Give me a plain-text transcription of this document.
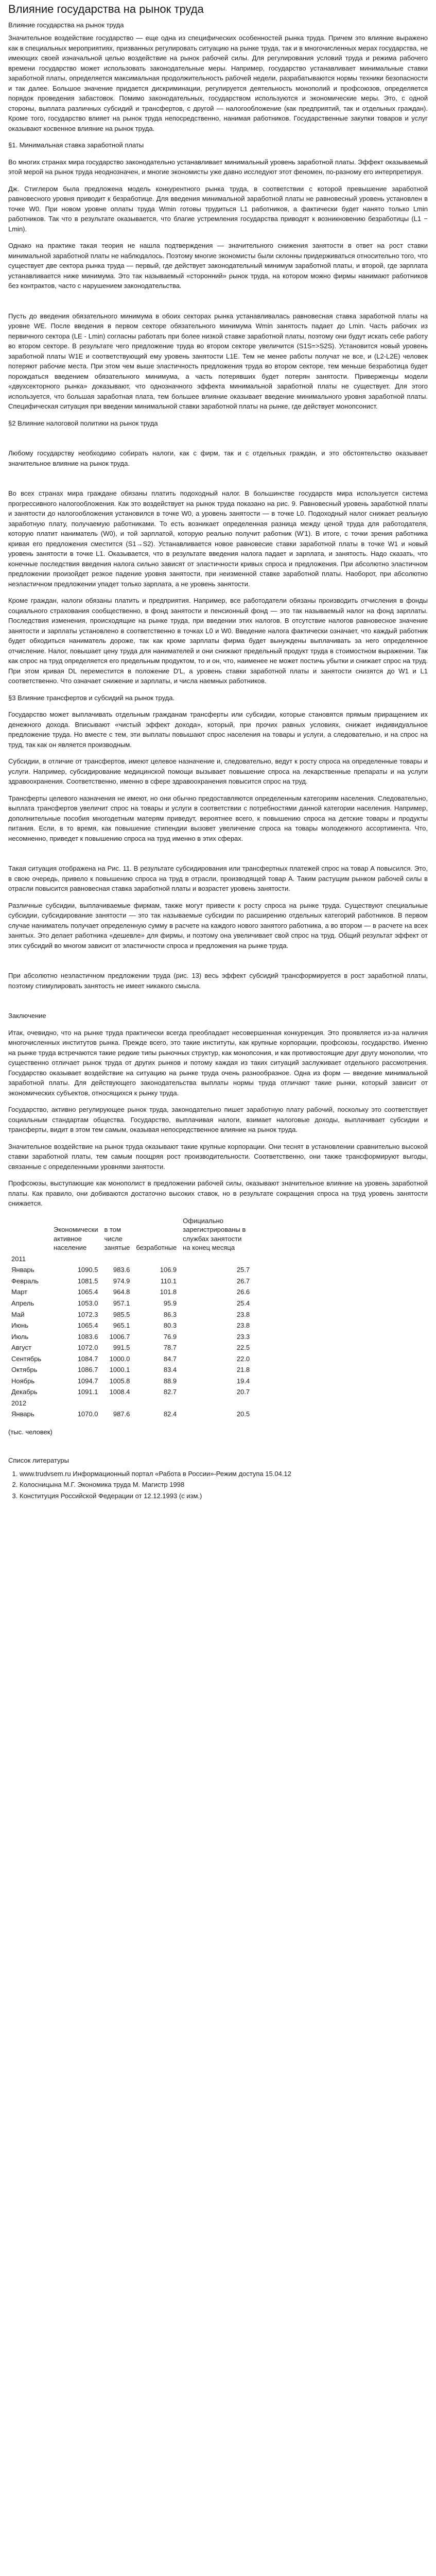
Влияние государства на рынок труда
Влияние государства на рынок труда

Значительное воздействие государство — еще одна из специфических особенностей рынка труда. Причем это влияние выражено как в специальных мероприятиях, призванных регулировать ситуацию на рынке труда, так и в многочисленных мерах государства, не имеющих своей изначальной целью воздействие на рынок рабочей силы. Для регулирования условий труда и режима рабочего времени государство может использовать законодательные меры. Например, государство устанавливает минимальные ставки заработной платы, определяется максимальная продолжительность рабочей недели, разрабатываются нормы техники безопасности и так далее. Большое значение придается дискриминации, регулируется деятельность монополий и профсоюзов, определяется порядок проведения забастовок. Помимо законодательных, государством используются и экономические меры. Это, с одной стороны, выплата различных субсидий и трансфертов, с другой — налогообложение (как предприятий, так и отдельных граждан). Кроме того, государство влияет на рынок труда непосредственно, нанимая работников. Государственные закупки товаров и услуг оказывают косвенное влияние на рынок труда.

§1. Минимальная ставка заработной платы

Во многих странах мира государство законодательно устанавливает минимальный уровень заработной платы. Эффект оказываемый этой мерой на рынок труда неоднозначен, и многие экономисты уже давно исследуют этот феномен, по-разному его интерпретируя.

Дж. Стиглером была предложена модель конкурентного рынка труда, в соответствии с которой превышение заработной равновесного уровня приводит к безработице. Для введения минимальной заработной платы не равновесный уровень установлен в точке W0. При новом уровне оплаты труда Wmin готовы трудиться L1 работников, а фактически будет нанято только Lmin работников. Так что в результате оказывается, что благие устремления государства приводят к возникновению безработицы (L1 − Lmin).

Однако на практике такая теория не нашла подтверждения — значительного снижения занятости в ответ на рост ставки минимальной заработной платы не наблюдалось. Поэтому многие экономисты были склонны придерживаться относительно того, что существует две сектора рынка труда — первый, где действует законодательный минимум заработной платы, и второй, где зарплата устанавливается ниже минимума. Это так называемый «сторонний» рынок труда, на котором можно фирмы нанимают работников без контрактов, часто с нарушением законодательства.

Пусть до введения обязательного минимума в обоих секторах рынка устанавливалась равновесная ставка заработной платы на уровне WE. После введения в первом секторе обязательного минимума Wmin занятость падает до Lmin. Часть рабочих из первичного сектора (LE - Lmin) согласны работать при более низкой ставке заработной платы, поэтому они будут искать себе работу во втором секторе. В результате чего предложение труда во втором секторе увеличится (S1S=>S2S). Установится новый уровень заработной платы W1E и соответствующий ему уровень занятости L1E. Тем не менее работы получат не все, и (L2-L2E) человек потеряют рабочие места. При этом чем выше эластичность предложения труда во втором секторе, тем меньше безработица будет порождаться введением обязательного минимума, а часть потерявших будет потерян занятости. Приверженцы модели «двухсекторного рынка» доказывают, что однозначного эффекта минимальной заработной платы не существует. Для этого используется, что большая заработная плата, тем большее влияние оказывает введение минимального уровня заработной платы. Специфическая ситуация при введении минимальной ставки заработной платы на рынке, где действует монопсонист.

§2 Влияние налоговой политики на рынок труда

Любому государству необходимо собирать налоги, как с фирм, так и с отдельных граждан, и это обстоятельство оказывает значительное влияние на рынок труда.

Во всех странах мира граждане обязаны платить подоходный налог. В большинстве государств мира используется система прогрессивного налогообложения. Как это воздействует на рынок труда показано на рис. 9. Равновесный уровень заработной платы и занятости до налогообложения установился в точке W0, а уровень занятости — в точке L0. Подоходный налог снижает реальную заработную плату, получаемую работниками. То есть возникает определенная разница между ценой труда для работодателя, которую платит наниматель (W0), и той зарплатой, которую реально получит работник (W'1). В итоге, с точки зрения работника кривая его предложения сместится (S1→S2). Устанавливается новое равновесие ставки заработной платы в точке W1 и новый уровень занятости в точке L1. Оказывается, что в результате введения налога падает и зарплата, и занятость. Надо сказать, что конечные последствия введения налога сильно зависят от эластичности кривых спроса и предложения. При абсолютно эластичном предложении произойдет резкое падение уровня занятости, при неизменной ставке заработной платы. Наоборот, при абсолютно неэластичном предложении упадет только зарплата, а не уровень занятости.

Кроме граждан, налоги обязаны платить и предприятия. Например, все работодатели обязаны производить отчисления в фонды социального страхования сообщественно, в фонд занятости и пенсионный фонд — это так называемый налог на фонд зарплаты. Последствия изменения, происходящие на рынке труда, при введении этих налогов. В отсутствие налогов равновесное значение занятости и зарплаты установлено в соответственно в точках L0 и W0. Введение налога фактически означает, что каждый работник будет обходиться наниматель дороже, так как кроме зарплаты фирма будет вынуждены выплачивать за него определенное отчисление. Налог, повышает цену труда для нанимателей и они снижают предельный продукт труда в стоимостном выражении. Так как спрос на труд определяется его предельным продуктом, то и он, что, наименее не может постичь убытки и снижает спрос на труд. При этом кривая DL переместится в положение D'L, а уровень ставки заработной платы и занятости снизятся до W1 и L1 соответственно. Что означает снижение и зарплаты, и числа наемных работников.

§3 Влияние трансфертов и субсидий на рынок труда.

Государство может выплачивать отдельным гражданам трансферты или субсидии, которые становятся прямым приращением их денежного дохода. Вписывают «чистый эффект дохода», который, при прочих равных условиях, снижает индивидуальное предложение труда. Но вместе с тем, эти выплаты повышают спрос населения на товары и услуги, а следовательно, и на спрос на труд, так как он является производным.

Субсидии, в отличие от трансфертов, имеют целевое назначение и, следовательно, ведут к росту спроса на определенные товары и услуги. Например, субсидирование медицинской помощи вызывает повышение спроса на лекарственные препараты и на услуги здравоохранения. Соответственно, именно в сфере здравоохранения повысится спрос на труд.

Трансферты целевого назначения не имеют, но они обычно предоставляются определенным категориям населения. Следовательно, выплата трансфертов увеличит спрос на товары и услуги в соответствии с потребностями данной категории населения. Например, дополнительные пособия многодетным матерям приведут, вероятнее всего, к повышению спроса на детские товары и продукты питания. Если, в то время, как повышение стипендии вызовет увеличение спроса на товары молодежного ассортимента. Что, несомненно, приведет к повышению спроса на труд именно в этих сферах.

Такая ситуация отображена на Рис. 11. В результате субсидирования или трансфертных платежей спрос на товар А повысился. Это, в свою очередь, привело к повышению спроса на труд в отрасли, производящей товар А. Таким растущим рынком рабочей силы в отрасли повысится равновесная ставка заработной платы и возрастет уровень занятости.

Различные субсидии, выплачиваемые фирмам, также могут привести к росту спроса на рынке труда. Существуют специальные субсидии, субсидирование занятости — это так называемые субсидии по расширению отдельных категорий работников. В первом случае наниматель получает определенную сумму в расчете на каждого нового занятого работника, а во втором — в расчете на всех занятых. Это делает работника «дешевле» для фирмы, и поэтому она увеличивает свой спрос на труд. Общий результат эффект от этих субсидий во многом зависит от эластичности спроса и предложения на рынке труда.

При абсолютно неэластичном предложении труда (рис. 13) весь эффект субсидий трансформируется в рост заработной платы, поэтому стимулировать занятость не имеет никакого смысла.

Заключение

Итак, очевидно, что на рынке труда практически всегда преобладает несовершенная конкуренция. Это проявляется из-за наличия многочисленных институтов рынка. Прежде всего, это такие институты, как крупные корпорации, профсоюзы, государство. Именно на рынке труда встречаются такие редкие типы рыночных структур, как монопсония, и как противостоящие друг другу монополии, что существенно отличает рынок труда от других рынков и потому каждая из таких ситуаций заслуживает отдельного рассмотрения. Государство оказывает воздействие на ситуацию на рынке труда очень разнообразное. Одна из форм — введение минимальной заработной платы. Для действующего законодательства выплаты нормы труда отличают такие рынки, который зависит от экономических субъектов, относящихся к рынку труда.

Государство, активно регулирующее рынок труда, законодательно пишет заработную плату рабочий, поскольку это соответствует социальным стандартам общества. Государство, выплачивая налоги, взимает налоговые доходы, выплачивает субсидии и трансферты, видит в этом тем самым, оказывая непосредственное влияние на рынок труда.

Значительное воздействие на рынок труда оказывают такие крупные корпорации. Они теснят в установлении сравнительно высокой ставки заработной платы, тем самым поощряя рост производительности. Соответственно, они также трансформируют выгоды, связанные с определенными уровнями занятости.

Профсоюзы, выступающие как монополист в предложении рабочей силы, оказывают значительное влияние на уровень заработной платы. Как правило, они добиваются достаточно высоких ставок, но в результате сокращения спроса на труд уровень занятости снижается.

	Экономически активное население	в том числе занятые	безработные	Официально зарегистрированы в службах занятости на конец месяца
2011				
Январь	1090.5	983.6	106.9	25.7
Февраль	1081.5	974.9	110.1	26.7
Март	1065.4	964.8	101.8	26.6
Апрель	1053.0	957.1	95.9	25.4
Май	1072.3	985.5	86.3	23.8
Июнь	1065.4	965.1	80.3	23.8
Июль	1083.6	1006.7	76.9	23.3
Август	1072.0	991.5	78.7	22.5
Сентябрь	1084.7	1000.0	84.7	22.0
Октябрь	1086.7	1000.1	83.4	21.8
Ноябрь	1094.7	1005.8	88.9	19.4
Декабрь	1091.1	1008.4	82.7	20.7
2012				
Январь	1070.0	987.6	82.4	20.5
(тыс. человек)
Список литературы
1. www.trudvsem.ru Информационный портал «Работа в России»-Режим доступа 15.04.12
2. Колосницына М.Г. Экономика труда М. Магистр 1998
3. Конституция Российской Федерации от 12.12.1993 (с изм.)
